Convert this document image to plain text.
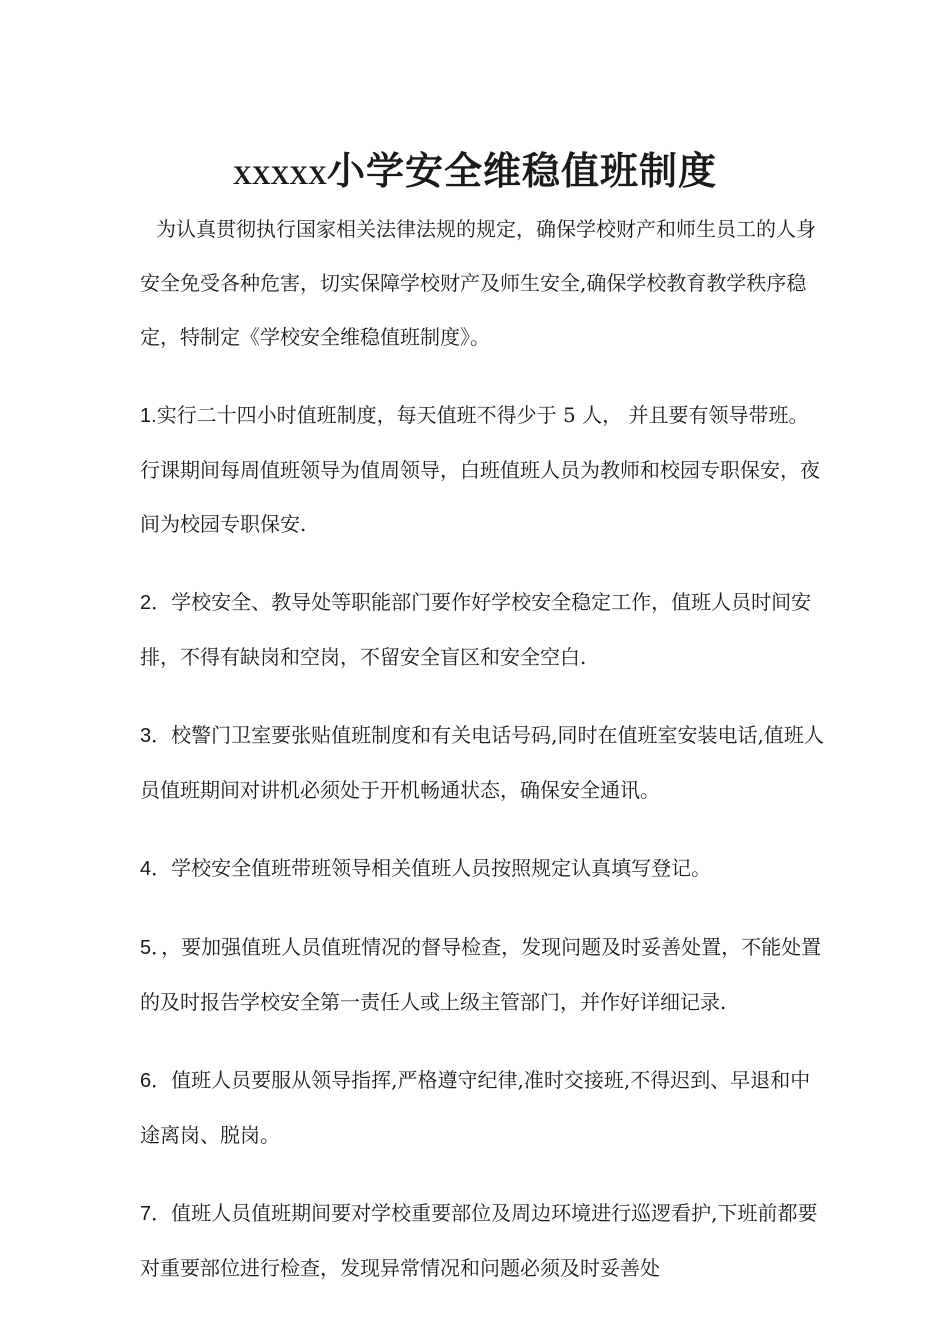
XXXXX小学安全维稳值班制度

为认真贯彻执行国家相关法律法规的规定，确保学校财产和师生员工的人身安全免受各种危害，切实保障学校财产及师生安全,确保学校教育教学秩序稳定，特制定《学校安全维稳值班制度》。

1.实行二十四小时值班制度，每天值班不得少于 5 人， 并且要有领导带班。行课期间每周值班领导为值周领导，白班值班人员为教师和校园专职保安，夜间为校园专职保安.

2．学校安全、教导处等职能部门要作好学校安全稳定工作，值班人员时间安排，不得有缺岗和空岗，不留安全盲区和安全空白.

3．校警门卫室要张贴值班制度和有关电话号码,同时在值班室安装电话,值班人员值班期间对讲机必须处于开机畅通状态，确保安全通讯。

4．学校安全值班带班领导相关值班人员按照规定认真填写登记。

5．，要加强值班人员值班情况的督导检查，发现问题及时妥善处置，不能处置的及时报告学校安全第一责任人或上级主管部门，并作好详细记录.

6．值班人员要服从领导指挥,严格遵守纪律,准时交接班,不得迟到、早退和中途离岗、脱岗。

7．值班人员值班期间要对学校重要部位及周边环境进行巡逻看护,下班前都要对重要部位进行检查，发现异常情况和问题必须及时妥善处
